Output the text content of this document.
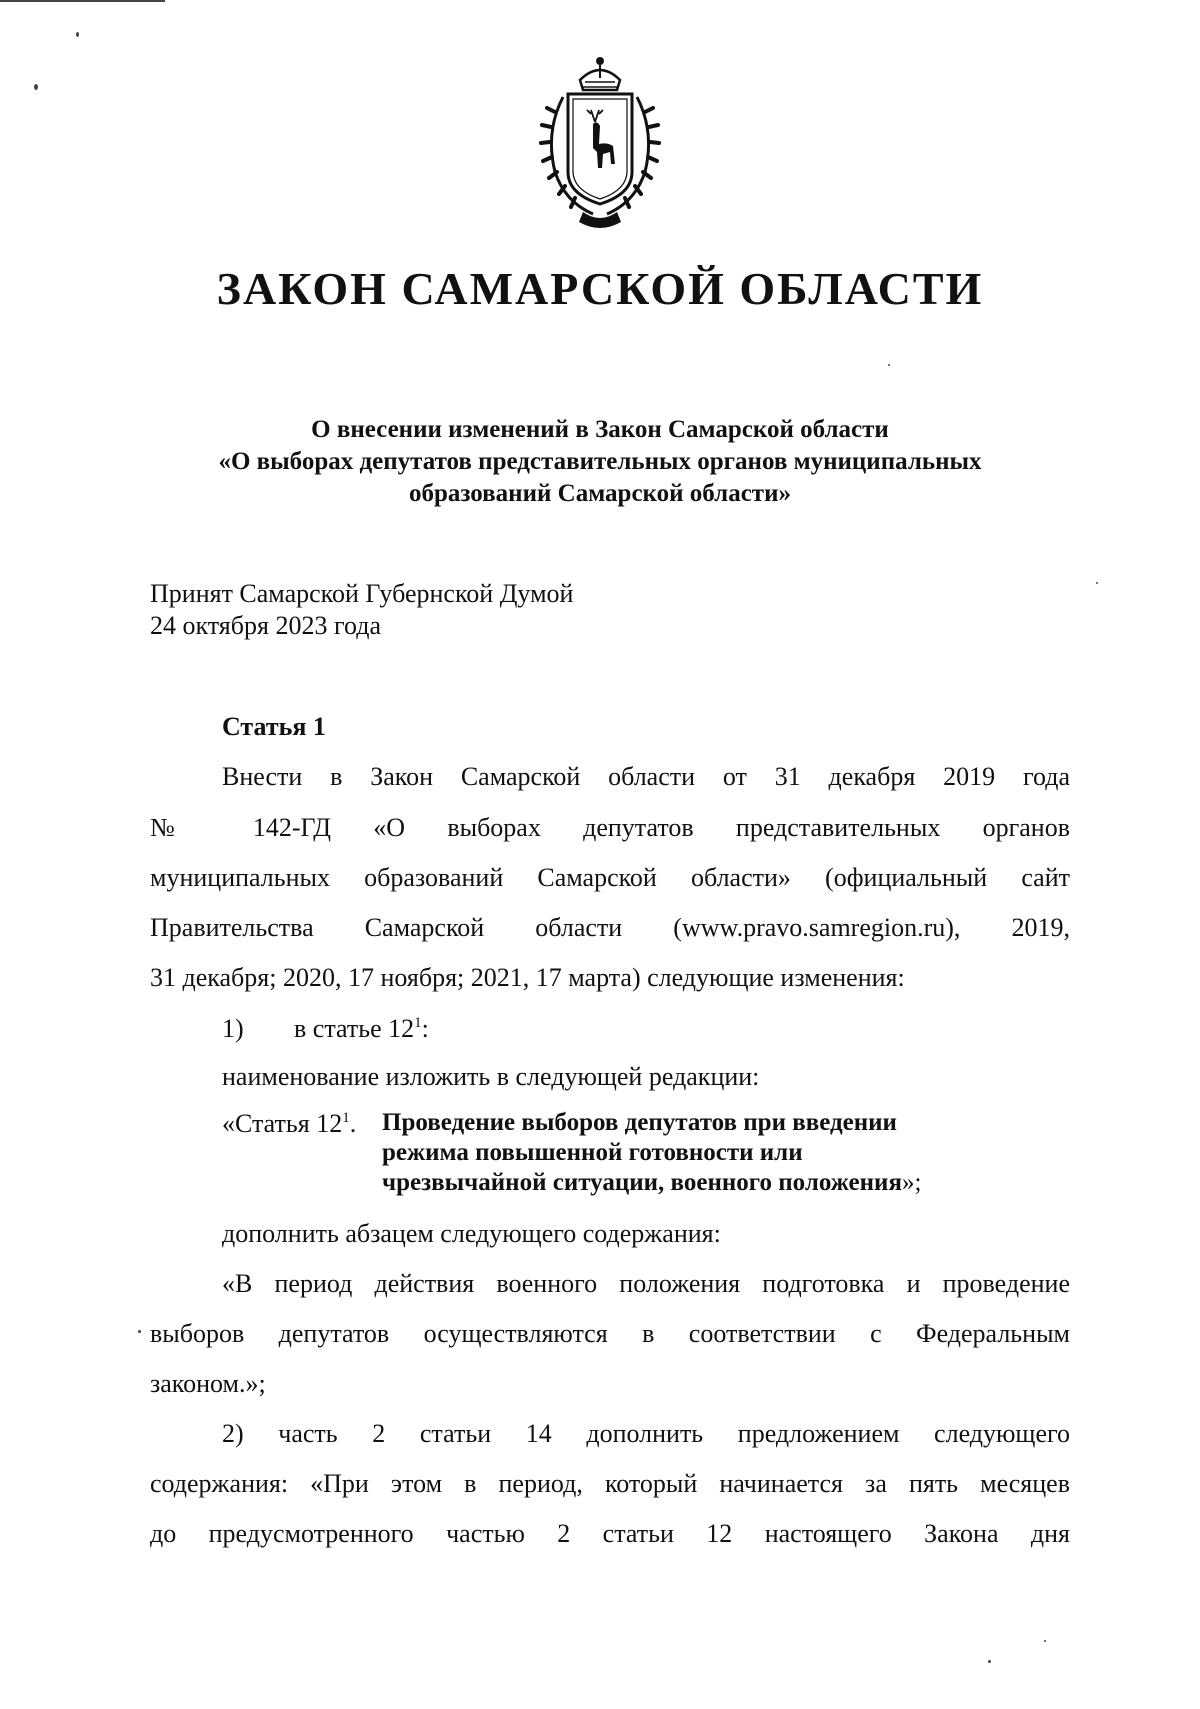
ЗАКОН САМАРСКОЙ ОБЛАСТИ
О внесении изменений в Закон Самарской области
«О выборах депутатов представительных органов муниципальных
образований Самарской области»
Принят Самарской Губернской Думой
24 октября 2023 года
Статья 1
Внести в Закон Самарской области от 31 декабря 2019 года
№ 142-ГД «О выборах депутатов представительных органов
муниципальных образований Самарской области» (официальный сайт
Правительства Самарской области (www.pravo.samregion.ru), 2019,
31 декабря; 2020, 17 ноября; 2021, 17 марта) следующие изменения:
1) в статье $12^1$:
наименование изложить в следующей редакции:
«Статья $12^1$. Проведение выборов депутатов при введении
режима повышенной готовности или
чрезвычайной ситуации, военного положения»;
дополнить абзацем следующего содержания:
«В период действия военного положения подготовка и проведение
выборов депутатов осуществляются в соответствии с Федеральным
законом.»;
2) часть 2 статьи 14 дополнить предложением следующего
содержания: «При этом в период, который начинается за пять месяцев
до предусмотренного частью 2 статьи 12 настоящего Закона дня
